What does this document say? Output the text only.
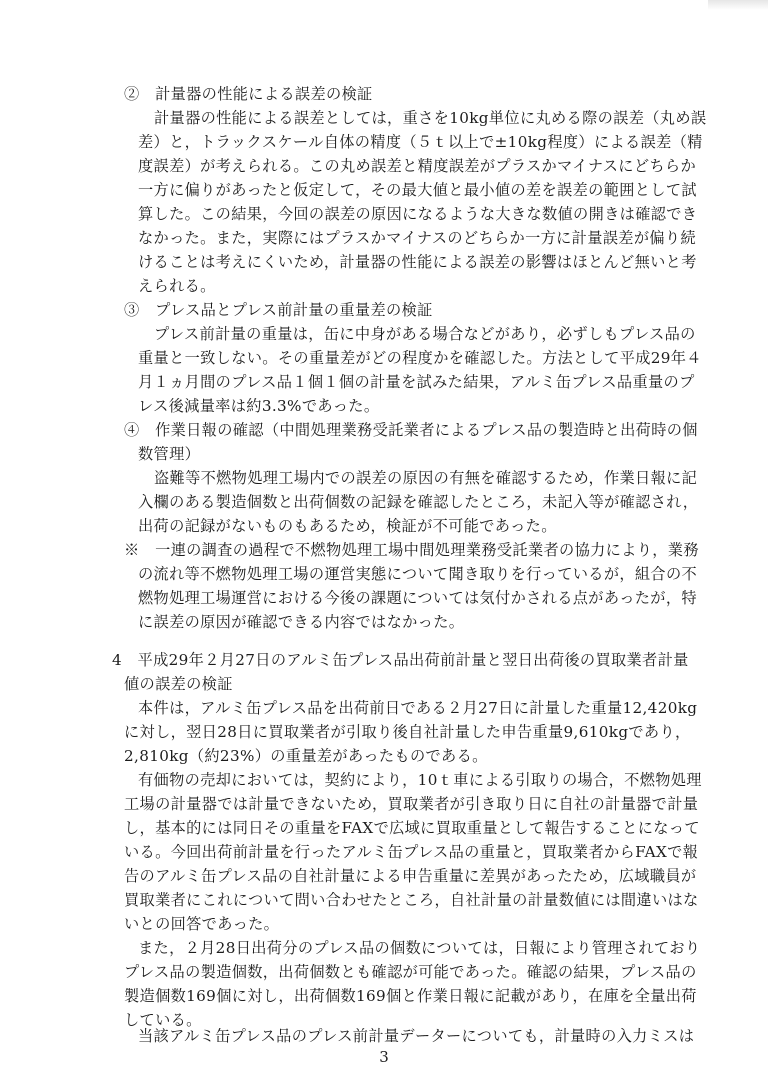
②　計量器の性能による誤差の検証
計量器の性能による誤差としては，重さを10kg単位に丸める際の誤差（丸め誤
差）と，トラックスケール自体の精度（５ｔ以上で±10kg程度）による誤差（精
度誤差）が考えられる。この丸め誤差と精度誤差がプラスかマイナスにどちらか
一方に偏りがあったと仮定して，その最大値と最小値の差を誤差の範囲として試
算した。この結果，今回の誤差の原因になるような大きな数値の開きは確認でき
なかった。また，実際にはプラスかマイナスのどちらか一方に計量誤差が偏り続
けることは考えにくいため，計量器の性能による誤差の影響はほとんど無いと考
えられる。
③　プレス品とプレス前計量の重量差の検証
プレス前計量の重量は，缶に中身がある場合などがあり，必ずしもプレス品の
重量と一致しない。その重量差がどの程度かを確認した。方法として平成29年４
月１ヵ月間のプレス品１個１個の計量を試みた結果，アルミ缶プレス品重量のプ
レス後減量率は約3.3%であった。
④　作業日報の確認（中間処理業務受託業者によるプレス品の製造時と出荷時の個
数管理）
盗難等不燃物処理工場内での誤差の原因の有無を確認するため，作業日報に記
入欄のある製造個数と出荷個数の記録を確認したところ，未記入等が確認され，
出荷の記録がないものもあるため，検証が不可能であった。
※　一連の調査の過程で不燃物処理工場中間処理業務受託業者の協力により，業務
の流れ等不燃物処理工場の運営実態について聞き取りを行っているが，組合の不
燃物処理工場運営における今後の課題については気付かされる点があったが，特
に誤差の原因が確認できる内容ではなかった。
4　平成29年２月27日のアルミ缶プレス品出荷前計量と翌日出荷後の買取業者計量
値の誤差の検証
本件は，アルミ缶プレス品を出荷前日である２月27日に計量した重量12,420kg
に対し，翌日28日に買取業者が引取り後自社計量した申告重量9,610kgであり，
2,810kg（約23%）の重量差があったものである。
有価物の売却においては，契約により，10ｔ車による引取りの場合，不燃物処理
工場の計量器では計量できないため，買取業者が引き取り日に自社の計量器で計量
し，基本的には同日その重量をFAXで広域に買取重量として報告することになって
いる。今回出荷前計量を行ったアルミ缶プレス品の重量と，買取業者からFAXで報
告のアルミ缶プレス品の自社計量による申告重量に差異があったため，広域職員が
買取業者にこれについて問い合わせたところ，自社計量の計量数値には間違いはな
いとの回答であった。
また，２月28日出荷分のプレス品の個数については，日報により管理されており
プレス品の製造個数，出荷個数とも確認が可能であった。確認の結果，プレス品の
製造個数169個に対し，出荷個数169個と作業日報に記載があり，在庫を全量出荷
している。
当該アルミ缶プレス品のプレス前計量データーについても，計量時の入力ミスは
3
